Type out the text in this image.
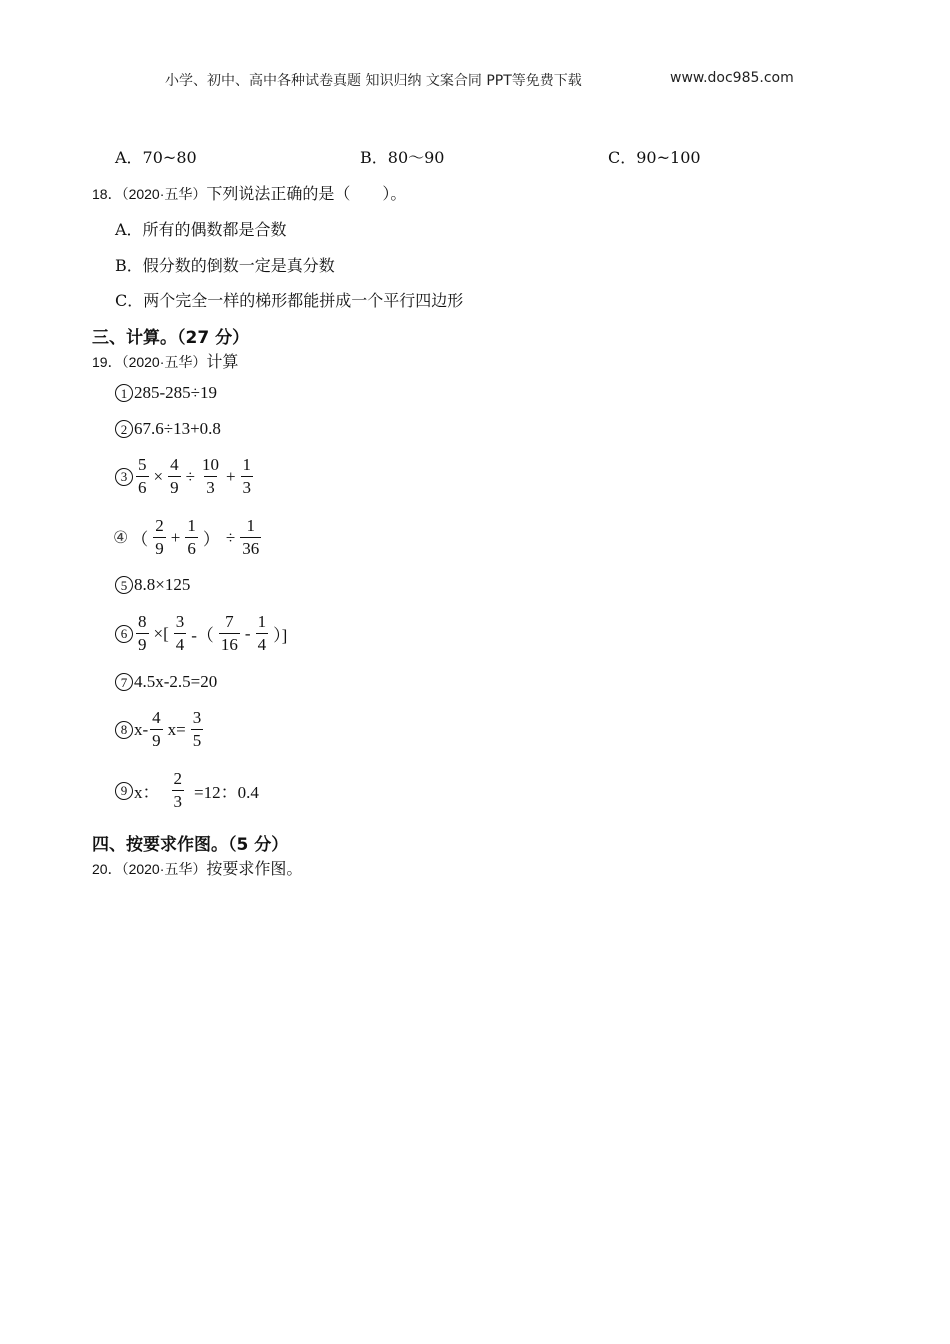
小学、初中、高中各种试卷真题 知识归纳 文案合同 PPT等免费下载	www.doc985.com
A．70~80	B．80～90	C．90~100
18．（2020·五华）下列说法正确的是（　　）。
A．所有的偶数都是合数
B．假分数的倒数一定是真分数
C．两个完全一样的梯形都能拼成一个平行四边形
三、计算。（27 分）
19．（2020·五华）计算
1 285-285÷19
2 67.6÷13+0.8
$3 \frac{5}{6} \times \frac{4}{9} \div \frac{10}{3} + \frac{1}{3}$
④ （ $\frac{2}{9} + \frac{1}{6}$ ） ÷ $\frac{1}{36}$
5 8.8×125
$6 \frac{8}{9}$ ×[ $\frac{3}{4}$ -（ $\frac{7}{16} - \frac{1}{4}$ ）]
7 4.5x-2.5=20
8 $x- \frac{4}{9} x= \frac{3}{5}$
9 x： $\frac{2}{3} =12$：0.4
四、按要求作图。（5 分）
20．（2020·五华）按要求作图。
